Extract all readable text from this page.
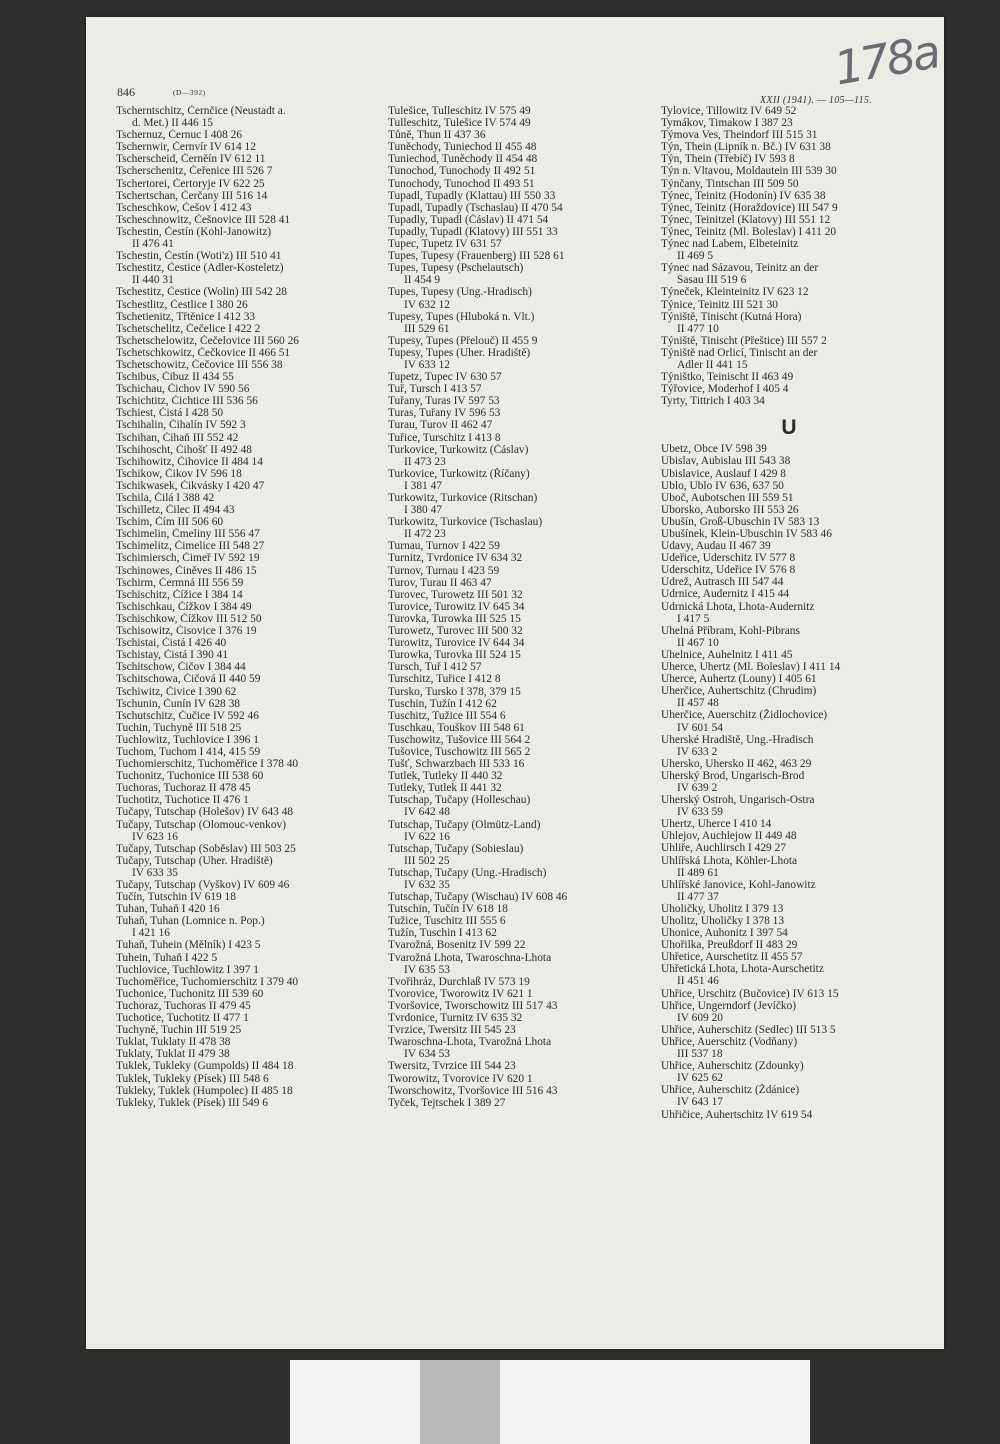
178a
846	(D—392)
XXII (1941). — 105—115.
Tscherntschitz, Černčice (Neustadt a.
d. Met.) II 446 15
Tschernuz, Černuc I 408 26
Tschernwir, Černvír IV 614 12
Tscherscheid, Černěín IV 612 11
Tscherschenitz, Čeřenice III 526 7
Tschertorei, Čertoryje IV 622 25
Tschertschan, Čerčany III 516 14
Tscheschkow, Češov I 412 43
Tscheschnowitz, Češnovice III 528 41
Tschestin, Čestín (Kohl-Janowitz)
II 476 41
Tschestin, Čestín (Woti'z) III 510 41
Tschestitz, Čestice (Adler-Kosteletz)
II 440 31
Tschestitz, Čestice (Wolin) III 542 28
Tschestlitz, Čestlice I 380 26
Tschetienitz, Třtěnice I 412 33
Tschetschelitz, Čečelice I 422 2
Tschetschelowitz, Čečelovice III 560 26
Tschetschkowitz, Čečkovice II 466 51
Tschetschowitz, Čečovice III 556 38
Tschibus, Čibuz II 434 55
Tschichau, Čichov IV 590 56
Tschichtitz, Čichtice III 536 56
Tschiest, Čistá I 428 50
Tschihalin, Čihalín IV 592 3
Tschihan, Čihaň III 552 42
Tschihoscht, Čihošť II 492 48
Tschihowitz, Čihovice II 484 14
Tschikow, Čikov IV 596 18
Tschikwasek, Čikvásky I 420 47
Tschila, Čilá I 388 42
Tschilletz, Čilec II 494 43
Tschim, Čím III 506 60
Tschimelin, Čmeliny III 556 47
Tschimelitz, Čimelice III 548 27
Tschimiersch, Čimeř IV 592 19
Tschinowes, Činěves II 486 15
Tschirm, Čermná III 556 59
Tschischitz, Čížice I 384 14
Tschischkau, Čížkov I 384 49
Tschischkow, Čížkov III 512 50
Tschisowitz, Čisovice I 376 19
Tschistai, Čistá I 426 40
Tschistay, Čistá I 390 41
Tschitschow, Čičov I 384 44
Tschitschowa, Čičová II 440 59
Tschiwitz, Čivice I 390 62
Tschunin, Čunín IV 628 38
Tschutschitz, Čučice IV 592 46
Tuchin, Tuchyně III 518 25
Tuchlowitz, Tuchlovice I 396 1
Tuchom, Tuchom I 414, 415 59
Tuchomierschitz, Tuchoměřice I 378 40
Tuchonitz, Tuchonice III 538 60
Tuchoras, Tuchoraz II 478 45
Tuchotitz, Tuchotice II 476 1
Tučapy, Tutschap (Holešov) IV 643 48
Tučapy, Tutschap (Olomouc-venkov)
IV 623 16
Tučapy, Tutschap (Soběslav) III 503 25
Tučapy, Tutschap (Uher. Hradiště)
IV 633 35
Tučapy, Tutschap (Vyškov) IV 609 46
Tučín, Tutschin IV 619 18
Tuhan, Tuhaň I 420 16
Tuhaň, Tuhan (Lomnice n. Pop.)
I 421 16
Tuhaň, Tuhein (Mělník) I 423 5
Tuhein, Tuhaň I 422 5
Tuchlovice, Tuchlowitz I 397 1
Tuchoměřice, Tuchomierschitz I 379 40
Tuchonice, Tuchonitz III 539 60
Tuchoraz, Tuchoras II 479 45
Tuchotice, Tuchotitz II 477 1
Tuchyně, Tuchin III 519 25
Tuklat, Tuklaty II 478 38
Tuklaty, Tuklat II 479 38
Tuklek, Tukleky (Gumpolds) II 484 18
Tuklek, Tukleky (Písek) III 548 6
Tukleky, Tuklek (Humpolec) II 485 18
Tukleky, Tuklek (Písek) III 549 6
Tulešice, Tulleschitz IV 575 49
Tulleschitz, Tulešice IV 574 49
Tůně, Thun II 437 36
Tuněchody, Tuniechod II 455 48
Tuniechod, Tuněchody II 454 48
Tunochod, Tunochody II 492 51
Tunochody, Tunochod II 493 51
Tupadl, Tupadly (Klattau) III 550 33
Tupadl, Tupadly (Tschaslau) II 470 54
Tupadly, Tupadl (Čáslav) II 471 54
Tupadly, Tupadl (Klatovy) III 551 33
Tupec, Tupetz IV 631 57
Tupes, Tupesy (Frauenberg) III 528 61
Tupes, Tupesy (Pschelautsch)
II 454 9
Tupes, Tupesy (Ung.-Hradisch)
IV 632 12
Tupesy, Tupes (Hluboká n. Vlt.)
III 529 61
Tupesy, Tupes (Přelouč) II 455 9
Tupesy, Tupes (Uher. Hradiště)
IV 633 12
Tupetz, Tupec IV 630 57
Tuř, Tursch I 413 57
Tuřany, Turas IV 597 53
Turas, Tuřany IV 596 53
Turau, Turov II 462 47
Tuřice, Turschitz I 413 8
Turkovice, Turkowitz (Čáslav)
II 473 23
Turkovice, Turkowitz (Říčany)
I 381 47
Turkowitz, Turkovice (Ritschan)
I 380 47
Turkowitz, Turkovice (Tschaslau)
II 472 23
Turnau, Turnov I 422 59
Turnitz, Tvrdonice IV 634 32
Turnov, Turnau I 423 59
Turov, Turau II 463 47
Turovec, Turowetz III 501 32
Turovice, Turowitz IV 645 34
Turovka, Turowka III 525 15
Turowetz, Turovec III 500 32
Turowitz, Turovice IV 644 34
Turowka, Turovka III 524 15
Tursch, Tuř I 412 57
Turschitz, Tuřice I 412 8
Tursko, Tursko I 378, 379 15
Tuschin, Tužín I 412 62
Tuschitz, Tužice III 554 6
Tuschkau, Touškov III 548 61
Tuschowitz, Tušovice III 564 2
Tušovice, Tuschowitz III 565 2
Tušť, Schwarzbach III 533 16
Tutlek, Tutleky II 440 32
Tutleky, Tutlek II 441 32
Tutschap, Tučapy (Holleschau)
IV 642 48
Tutschap, Tučapy (Olmütz-Land)
IV 622 16
Tutschap, Tučapy (Sobieslau)
III 502 25
Tutschap, Tučapy (Ung.-Hradisch)
IV 632 35
Tutschap, Tučapy (Wischau) IV 608 46
Tutschin, Tučín IV 618 18
Tužice, Tuschitz III 555 6
Tužín, Tuschin I 413 62
Tvarožná, Bosenitz IV 599 22
Tvarožná Lhota, Twaroschna-Lhota
IV 635 53
Tvořihráz, Durchlaß IV 573 19
Tvorovice, Tworowitz IV 621 1
Tvoršovice, Tworschowitz III 517 43
Tvrdonice, Turnitz IV 635 32
Tvrzice, Twersitz III 545 23
Twaroschna-Lhota, Tvarožná Lhota
IV 634 53
Twersitz, Tvrzice III 544 23
Tworowitz, Tvorovice IV 620 1
Tworschowitz, Tvoršovice III 516 43
Tyček, Tejtschek I 389 27
Tylovice, Tillowitz IV 649 52
Tymákov, Timakow I 387 23
Týmova Ves, Theindorf III 515 31
Týn, Thein (Lipník n. Bč.) IV 631 38
Týn, Thein (Třebíč) IV 593 8
Týn n. Vltavou, Moldautein III 539 30
Týnčany, Tintschan III 509 50
Týnec, Teinitz (Hodonín) IV 635 38
Týnec, Teinitz (Horaždovice) III 547 9
Týnec, Teinitzel (Klatovy) III 551 12
Týnec, Teinitz (Ml. Boleslav) I 411 20
Týnec nad Labem, Elbeteinitz
II 469 5
Týnec nad Sázavou, Teinitz an der
Sasau III 519 6
Týneček, Kleinteinitz IV 623 12
Týnice, Teinitz III 521 30
Týniště, Tinischt (Kutná Hora)
II 477 10
Týniště, Tinischt (Přeštice) III 557 2
Týniště nad Orlicí, Tinischt an der
Adler II 441 15
Týništko, Teinischt II 463 49
Týřovice, Moderhof I 405 4
Tyrty, Tittrich I 403 34
U
Ubetz, Obce IV 598 39
Úbislav, Aubislau III 543 38
Úbislavice, Auslauf I 429 8
Ublo, Ublo IV 636, 637 50
Úboč, Aubotschen III 559 51
Úborsko, Auborsko III 553 26
Ubušín, Groß-Ubuschin IV 583 13
Ubušínek, Klein-Ubuschin IV 583 46
Údavy, Audau II 467 39
Udeřice, Uderschitz IV 577 8
Uderschitz, Udeřice IV 576 8
Údrež, Autrasch III 547 44
Údrnice, Audernitz I 415 44
Údrnická Lhota, Lhota-Audernitz
I 417 5
Uhelná Příbram, Kohl-Pibrans
II 467 10
Úhelnice, Auhelnitz I 411 45
Úherce, Uhertz (Ml. Boleslav) I 411 14
Úherce, Auhertz (Louny) I 405 61
Úherčice, Auhertschitz (Chrudim)
II 457 48
Uherčice, Auerschitz (Židlochovice)
IV 601 54
Uherské Hradiště, Ung.-Hradisch
IV 633 2
Uhersko, Uhersko II 462, 463 29
Uherský Brod, Ungarisch-Brod
IV 639 2
Uherský Ostroh, Ungarisch-Ostra
IV 633 59
Uhertz, Úherce I 410 14
Úhlejov, Auchlejow II 449 48
Uhliře, Auchlirsch I 429 27
Uhlířská Lhota, Köhler-Lhota
II 489 61
Uhlířské Janovice, Kohl-Janowitz
II 477 37
Úholičky, Uholitz I 379 13
Uholitz, Úholičky I 378 13
Úhonice, Auhonitz I 397 54
Úhořilka, Preußdorf II 483 29
Úhřetice, Aurschetitz II 455 57
Úhřetická Lhota, Lhota-Aurschetitz
II 451 46
Uhřice, Urschitz (Bučovice) IV 613 15
Uhřice, Ungerndorf (Jevíčko)
IV 609 20
Uhřice, Auherschitz (Sedlec) III 513 5
Uhřice, Auerschitz (Vodňany)
III 537 18
Uhřice, Auherschitz (Zdounky)
IV 625 62
Uhřice, Auherschitz (Ždánice)
IV 643 17
Uhřičice, Auhertschitz IV 619 54
